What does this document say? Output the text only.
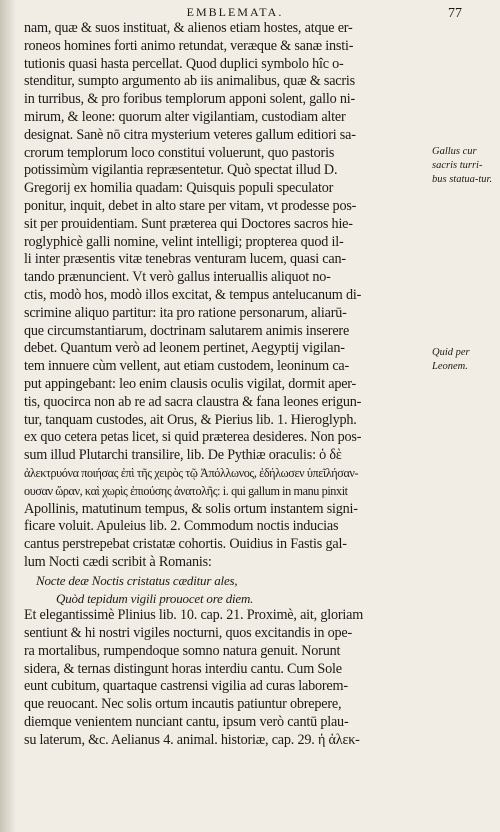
EMBLEMATA.	77
nam, quæ & suos instituat, & alienos etiam hostes, atque er-
roneos homines forti animo retundat, veræque & sanæ insti-
tutionis quasi hasta percellat. Quod duplici symbolo hîc o-
stenditur, sumpto argumento ab iis animalibus, quæ & sacris
in turribus, & pro foribus templorum apponi solent, gallo ni-
mirum, & leone: quorum alter vigilantiam, custodiam alter
designat. Sanè nō citra mysterium veteres gallum editiori sa-
crorum templorum loco constitui voluerunt, quo pastoris
potissimùm vigilantia repræsentetur. Quò spectat illud D.
Gregorij ex homilia quadam: Quisquis populi speculator
ponitur, inquit, debet in alto stare per vitam, vt prodesse pos-
sit per prouidentiam. Sunt præterea qui Doctores sacros hie-
roglyphicè galli nomine, velint intelligi; propterea quod il-
li inter præsentis vitæ tenebras venturam lucem, quasi can-
tando prænuncient. Vt verò gallus interuallis aliquot no-
ctis, modò hos, modò illos excitat, & tempus antelucanum di-
scrimine aliquo partitur: ita pro ratione personarum, aliarū-
que circumstantiarum, doctrinam salutarem animis inserere
debet. Quantum verò ad leonem pertinet, Aegyptij vigilan-
tem innuere cùm vellent, aut etiam custodem, leoninum ca-
put appingebant: leo enim clausis oculis vigilat, dormit aper-
tis, quocirca non ab re ad sacra claustra & fana leones erigun-
tur, tanquam custodes, ait Orus, & Pierius lib. 1. Hieroglyph.
ex quo cetera petas licet, si quid præterea desideres. Non pos-
sum illud Plutarchi transilire, lib. De Pythiæ oraculis: ὁ δὲ
ἀλεκτρυόνα ποιήσας ἐπὶ τῆς χειρὸς τῷ Ἀπόλλωνος, ἐδήλωσεν ὑπεῖλήσαν-
ουσαν ὥραν, καὶ χωρὶς ἐπιούσης ἀνατολῆς: i. qui gallum in manu pinxit
Apollinis, matutinum tempus, & solis ortum instantem signi-
ficare voluit. Apuleius lib. 2. Commodum noctis inducias
cantus perstrepebat cristatæ cohortis. Ouidius in Fastis gal-
lum Nocti cædi scribit à Romanis:
Nocte deæ Noctis cristatus cæditur ales,
Quòd tepidum vigili prouocet ore diem.
Et elegantissimè Plinius lib. 10. cap. 21. Proximè, ait, gloriam
sentiunt & hi nostri vigiles nocturni, quos excitandis in ope-
ra mortalibus, rumpendoque somno natura genuit. Norunt
sidera, & ternas distingunt horas interdiu cantu. Cum Sole
eunt cubitum, quartaque castrensi vigilia ad curas laborem-
que reuocant. Nec solis ortum incautis patiuntur obrepere,
diemque venientem nunciant cantu, ipsum verò cantū plau-
su laterum, &c. Aelianus 4. animal. historiæ, cap. 29. ἡ ἀλεκ-
Gallus cur sacris turri-bus statua-tur.
Quid per Leonem.
